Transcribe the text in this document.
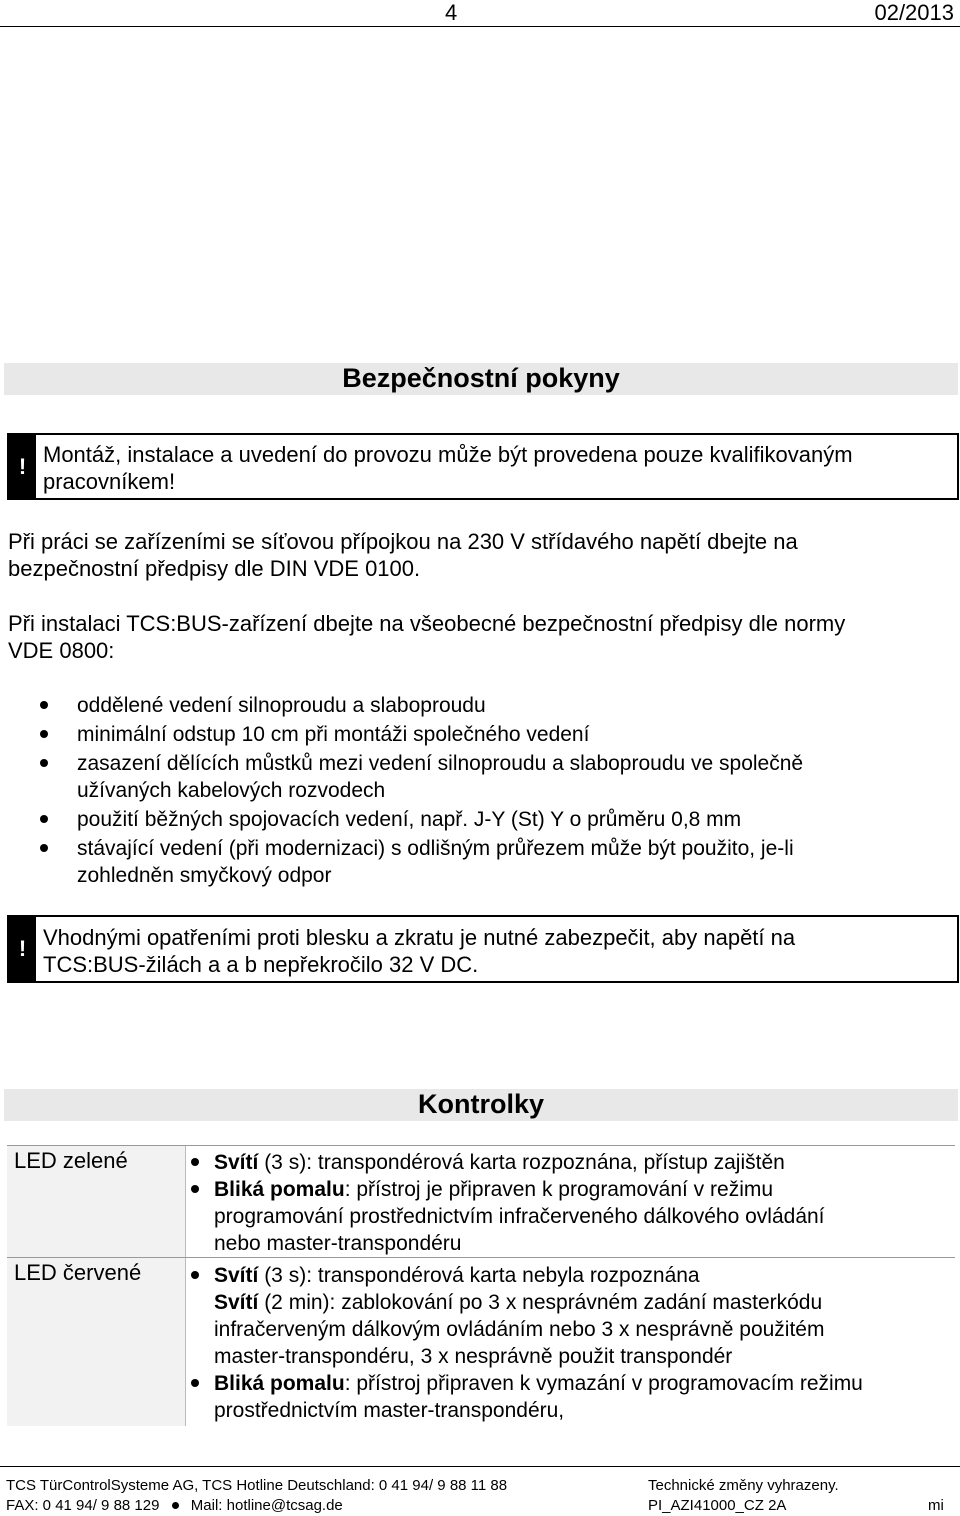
4	02/2013
Bezpečnostní pokyny
! Montáž, instalace a uvedení do provozu může být provedena pouze kvalifikovaným
pracovníkem!
Při práci se zařízeními se síťovou přípojkou na 230 V střídavého napětí dbejte na
bezpečnostní předpisy dle DIN VDE 0100.
Při instalaci TCS:BUS-zařízení dbejte na všeobecné bezpečnostní předpisy dle normy
VDE 0800:
oddělené vedení silnoproudu a slaboproudu
minimální odstup 10 cm při montáži společného vedení
zasazení dělících můstků mezi vedení silnoproudu a slaboproudu ve společně
užívaných kabelových rozvodech
použití běžných spojovacích vedení, např. J-Y (St) Y o průměru 0,8 mm
stávající vedení (při modernizaci) s odlišným průřezem může být použito, je-li
zohledněn smyčkový odpor
! Vhodnými opatřeními proti blesku a zkratu je nutné zabezpečit, aby napětí na
TCS:BUS-žilách a a b nepřekročilo 32 V DC.
Kontrolky
LED zelené	Svítí (3 s): transpondérová karta rozpoznána, přístup zajištěn
Bliká pomalu: přístroj je připraven k programování v režimu
programování prostřednictvím infračerveného dálkového ovládání
nebo master-transpondéru
LED červené	Svítí (3 s): transpondérová karta nebyla rozpoznána
Svítí (2 min): zablokování po 3 x nesprávném zadání masterkódu
infračerveným dálkovým ovládáním nebo 3 x nesprávně použitém
master-transpondéru, 3 x nesprávně použit transpondér
Bliká pomalu: přístroj připraven k vymazání v programovacím režimu
prostřednictvím master-transpondéru,
TCS TürControlSysteme AG, TCS Hotline Deutschland: 0 41 94/ 9 88 11 88
FAX: 0 41 94/ 9 88 129 Mail: hotline@tcsag.de
Technické změny vyhrazeny.
PI_AZI41000_CZ 2A	mi
